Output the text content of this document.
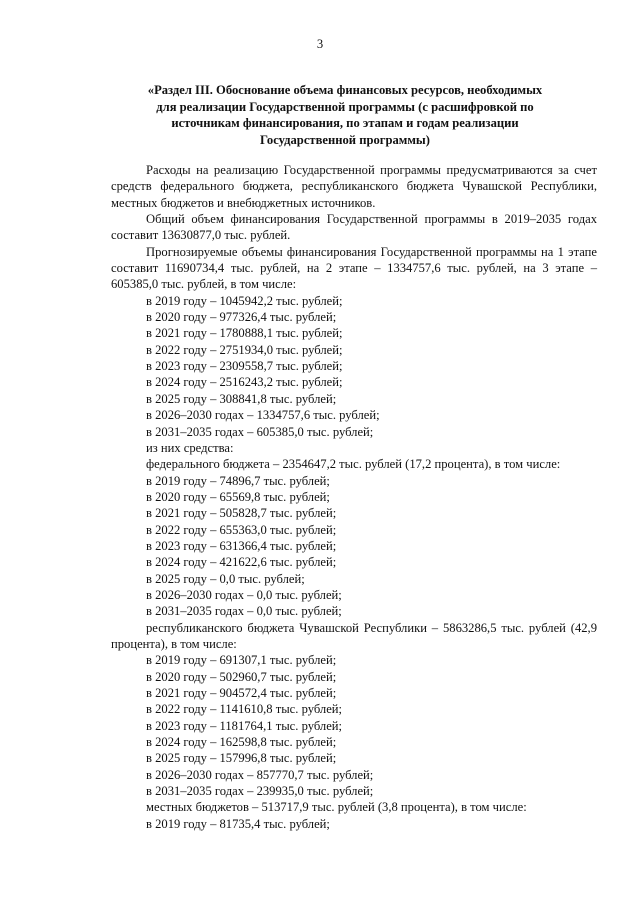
3
«Раздел III. Обоснование объема финансовых ресурсов, необходимых
для реализации Государственной программы (с расшифровкой по
источникам финансирования, по этапам и годам реализации
Государственной программы)

Расходы на реализацию Государственной программы предусматриваются за счет средств федерального бюджета, республиканского бюджета Чувашской Республики, местных бюджетов и внебюджетных источников.

Общий объем финансирования Государственной программы в 2019–2035 годах составит 13630877,0 тыс. рублей.

Прогнозируемые объемы финансирования Государственной программы на 1 этапе составит 11690734,4 тыс. рублей, на 2 этапе – 1334757,6 тыс. рублей, на 3 этапе – 605385,0 тыс. рублей, в том числе:

в 2019 году – 1045942,2 тыс. рублей;

в 2020 году – 977326,4 тыс. рублей;

в 2021 году – 1780888,1 тыс. рублей;

в 2022 году – 2751934,0 тыс. рублей;

в 2023 году – 2309558,7 тыс. рублей;

в 2024 году – 2516243,2 тыс. рублей;

в 2025 году – 308841,8 тыс. рублей;

в 2026–2030 годах – 1334757,6 тыс. рублей;

в 2031–2035 годах – 605385,0 тыс. рублей;

из них средства:

федерального бюджета – 2354647,2 тыс. рублей (17,2 процента), в том числе:

в 2019 году – 74896,7 тыс. рублей;

в 2020 году – 65569,8 тыс. рублей;

в 2021 году – 505828,7 тыс. рублей;

в 2022 году – 655363,0 тыс. рублей;

в 2023 году – 631366,4 тыс. рублей;

в 2024 году – 421622,6 тыс. рублей;

в 2025 году – 0,0 тыс. рублей;

в 2026–2030 годах – 0,0 тыс. рублей;

в 2031–2035 годах – 0,0 тыс. рублей;

республиканского бюджета Чувашской Республики – 5863286,5 тыс. рублей (42,9 процента), в том числе:

в 2019 году – 691307,1 тыс. рублей;

в 2020 году – 502960,7 тыс. рублей;

в 2021 году – 904572,4 тыс. рублей;

в 2022 году – 1141610,8 тыс. рублей;

в 2023 году – 1181764,1 тыс. рублей;

в 2024 году – 162598,8 тыс. рублей;

в 2025 году – 157996,8 тыс. рублей;

в 2026–2030 годах – 857770,7 тыс. рублей;

в 2031–2035 годах – 239935,0 тыс. рублей;

местных бюджетов – 513717,9 тыс. рублей (3,8 процента), в том числе:

в 2019 году – 81735,4 тыс. рублей;
